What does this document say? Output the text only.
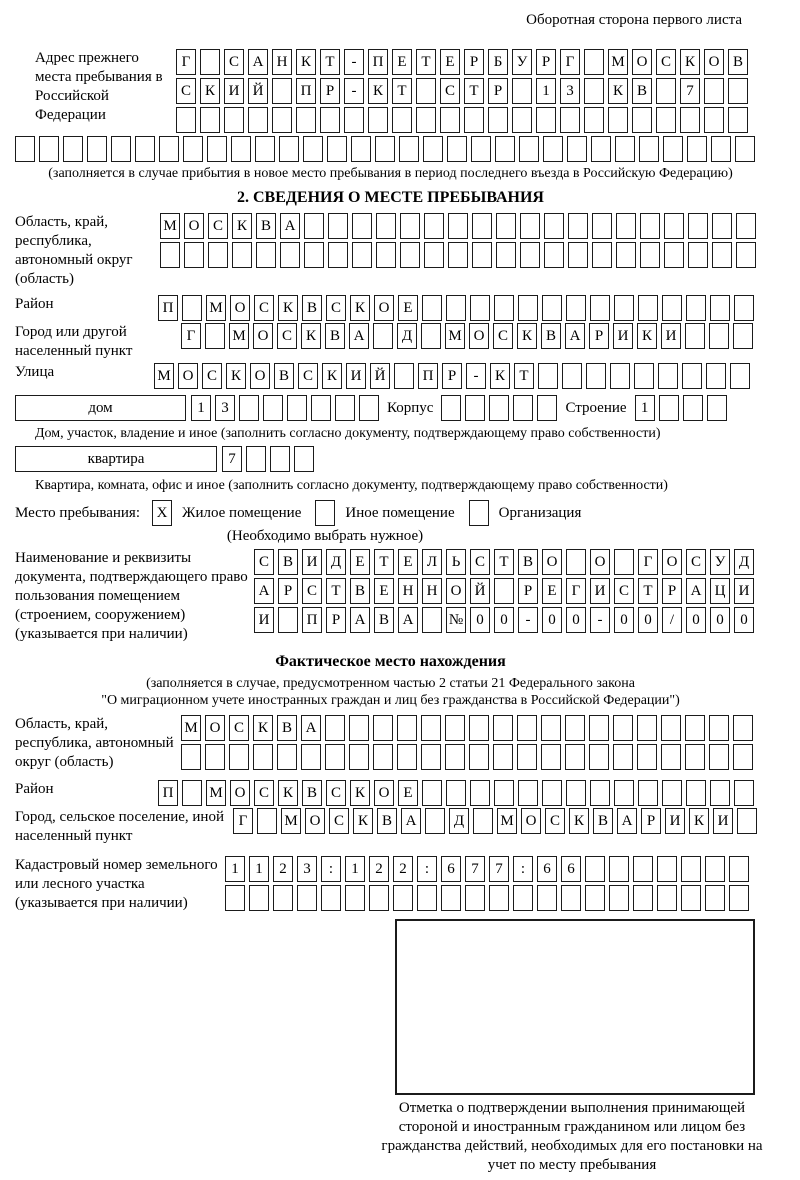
Оборотная сторона первого листа
Адрес прежнего места пребывания в Российской Федерации
Г	С А Н К Т	-	П Е Т Е	Р	Б У Р	Г	М О С К О В
С К И Й	П Р	-	К Т	С Т	Р	1	3	К В	7
(заполняется в случае прибытия в новое место пребывания в период последнего въезда в Российскую Федерацию)
2. СВЕДЕНИЯ О МЕСТЕ ПРЕБЫВАНИЯ
Область, край, республика, автономный округ (область)
М О С К В А
Район	П	М О С К В С К О Е
Город или другой населенный пункт
Г	М О С К В А	Д	М О С К В А Р И К И
Улица	М О С К О В С К И Й	П Р	-	К Т
дом	1	3	Корпус	Строение 1
Дом, участок, владение и иное (заполнить согласно документу, подтверждающему право собственности)
квартира	7
Квартира, комната, офис и иное (заполнить согласно документу, подтверждающему право собственности)
Место пребывания:	X Жилое помещение	Иное помещение	Организация
(Необходимо выбрать нужное)
Наименование и реквизиты документа, подтверждающего право пользования помещением (строением, сооружением) (указывается при наличии)
С В И Д Е Т Е Л Ь С Т В О	О	Г О С У Д
А Р С Т В Е Н Н О Й	Р	Е	Г И С Т	Р А Ц И
И	П Р А В А	№ 0	0	-	0	0	-	0	0	/	0	0	0
Фактическое место нахождения
(заполняется в случае, предусмотренном частью 2 статьи 21 Федерального закона
"О миграционном учете иностранных граждан и лиц без гражданства в Российской Федерации")
Область, край, республика, автономный округ (область)
М О С К В А
Район	П	М О С К В С К О Е
Город, сельское поселение, иной населенный пункт
Г	М О С К В А	Д	М О С К В А Р И К И
Кадастровый номер земельного или лесного участка (указывается при наличии)
1	1	2	3	:	1	2	2	:	6	7	7	:	6	6
Отметка о подтверждении выполнения принимающей стороной и иностранным гражданином или лицом без гражданства действий, необходимых для его постановки на учет по месту пребывания
